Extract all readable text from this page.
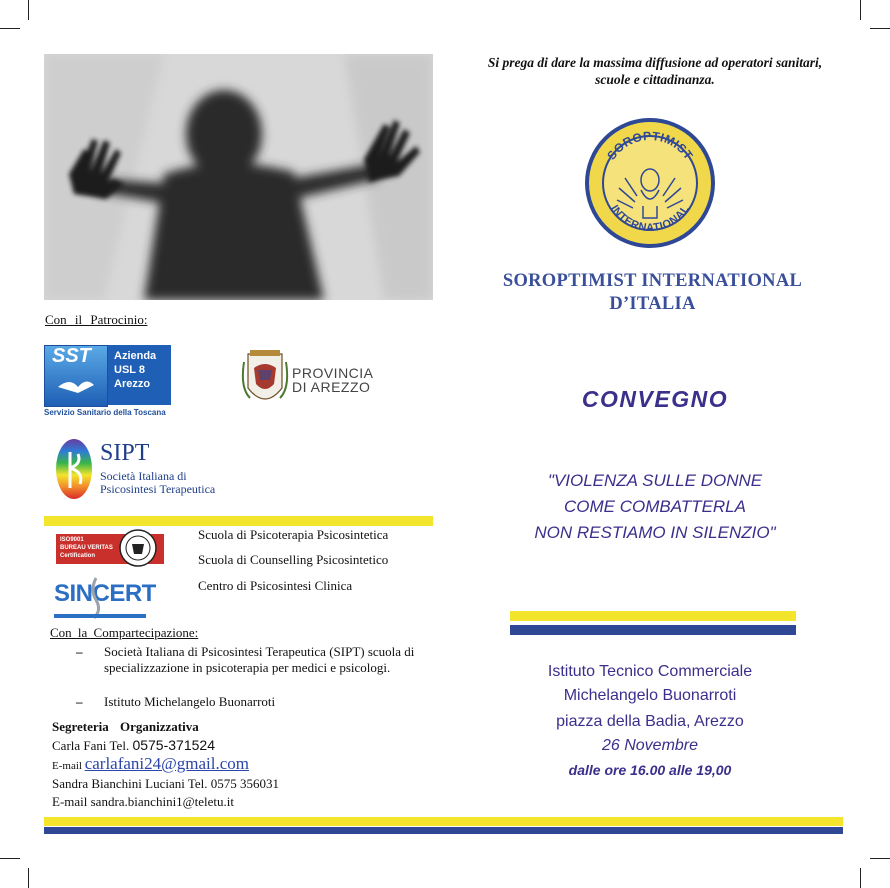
Si prega di dare la massima diffusione ad operatori sanitari,
scuole e cittadinanza.
SOROPTIMIST
INTERNATIONAL
SOROPTIMIST INTERNATIONAL
D’ITALIA
CONVEGNO
"VIOLENZA SULLE DONNE
COME COMBATTERLA
NON RESTIAMO IN SILENZIO"
Istituto Tecnico Commerciale
Michelangelo Buonarroti
piazza della Badia, Arezzo
26 Novembre
dalle ore 16.00 alle 19,00
Con il Patrocinio:
SST Azienda
USL 8
Arezzo
Servizio Sanitario della Toscana
PROVINCIA
DI AREZZO
SIPT
Società Italiana di
Psicosintesi Terapeutica
ISO9001
BUREAU VERITAS
Certification
SINCERT
Scuola di Psicoterapia Psicosintetica
Scuola di Counselling Psicosintetico
Centro di Psicosintesi Clinica
Con la Compartecipazione:
– Società Italiana di Psicosintesi Terapeutica (SIPT) scuola di specializzazione in psicoterapia per medici e psicologi.
– Istituto Michelangelo Buonarroti
Segreteria Organizzativa
Carla Fani Tel. 0575-371524
E-mail carlafani24@gmail.com
Sandra Bianchini Luciani Tel. 0575 356031
E-mail sandra.bianchini1@teletu.it
